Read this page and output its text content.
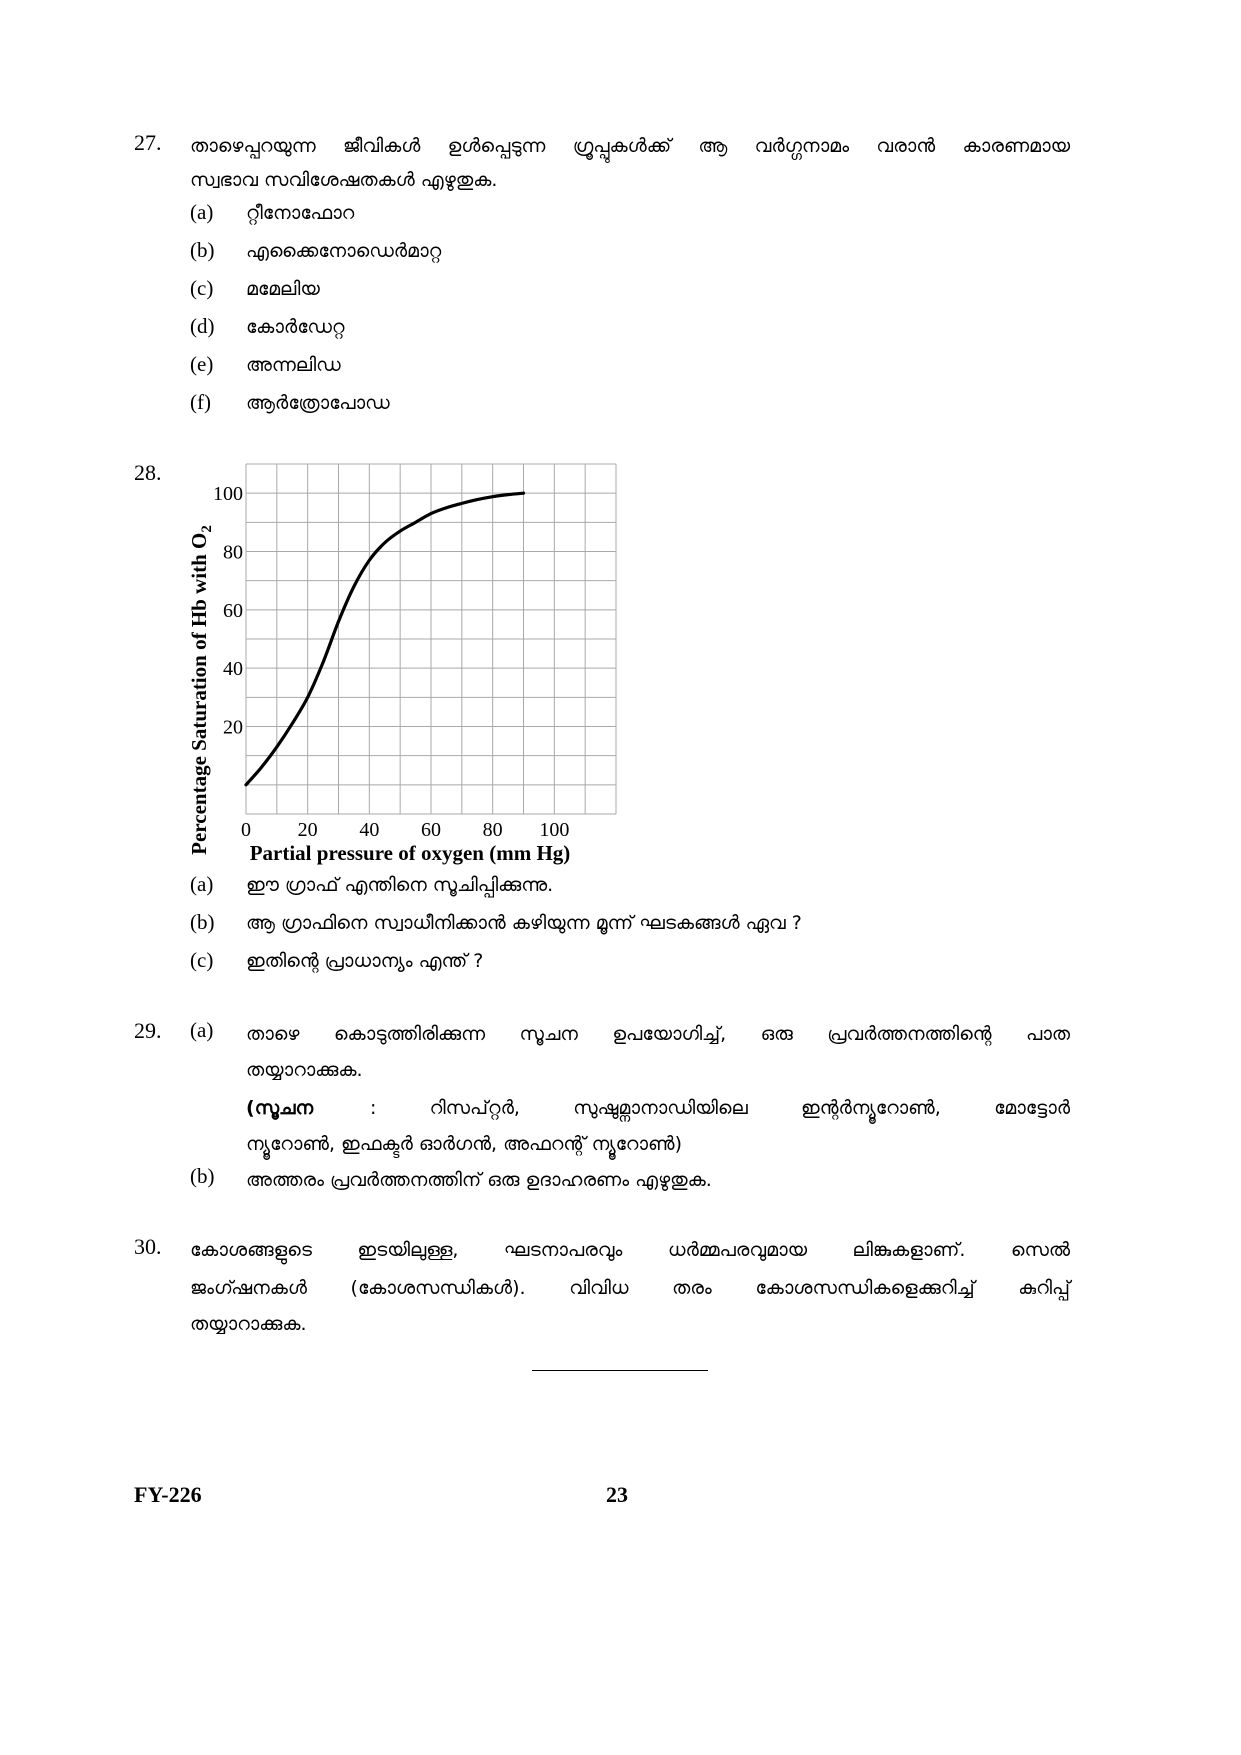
27. താഴെപ്പറയുന്ന ജീവികൾ ഉൾപ്പെടുന്ന ഗ്രൂപ്പുകൾക്ക് ആ വർഗ്ഗനാമം വരാൻ കാരണമായ
സ്വഭാവ സവിശേഷതകൾ എഴുതുക.
(a) റ്റീനോഫോറ
(b) എക്കൈനോഡെർമാറ്റ
(c) മമേലിയ
(d) കോർഡേറ്റ
(e) അന്നലിഡ
(f) ആർത്രോപോഡ
28.
0 20 40 60 80 100
20
40
60
80
100
Partial pressure of oxygen (mm Hg)
Percentage Saturation of Hb with $O_2$
(a) ഈ ഗ്രാഫ് എന്തിനെ സൂചിപ്പിക്കുന്നു.
(b) ആ ഗ്രാഫിനെ സ്വാധീനിക്കാൻ കഴിയുന്ന മൂന്ന് ഘടകങ്ങൾ ഏവ ?
(c) ഇതിന്റെ പ്രാധാന്യം എന്ത് ?
29. (a) താഴെ കൊടുത്തിരിക്കുന്ന സൂചന ഉപയോഗിച്ച്, ഒരു പ്രവർത്തനത്തിന്റെ പാത
തയ്യാറാക്കുക.
(സൂചന	: റിസപ്റ്റർ, സുഷുമ്നാനാഡിയിലെ ഇന്റർന്യൂറോൺ, മോട്ടോർ
ന്യൂറോൺ, ഇഫക്ടർ ഓർഗൻ, അഫറന്റ് ന്യൂറോൺ)
(b) അത്തരം പ്രവർത്തനത്തിന് ഒരു ഉദാഹരണം എഴുതുക.
30. കോശങ്ങളുടെ ഇടയിലുള്ള, ഘടനാപരവും ധർമ്മപരവുമായ ലിങ്കുകളാണ്. സെൽ
ജംഗ്ഷനകൾ (കോശസന്ധികൾ). വിവിധ തരം കോശസന്ധികളെക്കുറിച്ച് കുറിപ്പ്
തയ്യാറാക്കുക.
FY-226	23
